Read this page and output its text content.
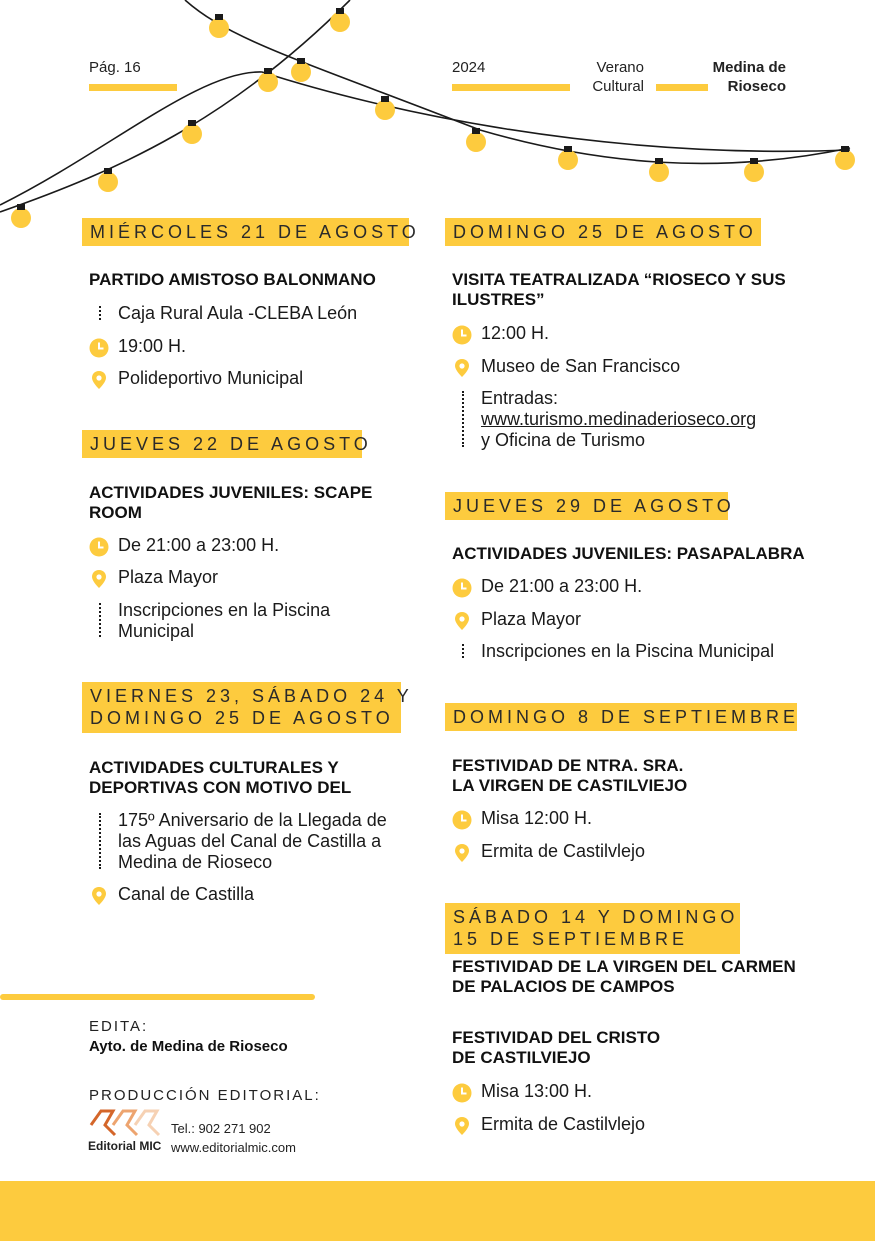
Pág. 16	2024	Verano
Cultural
Medina de
Rioseco
MIÉRCOLES 21 DE AGOSTO
PARTIDO AMISTOSO BALONMANO
Caja Rural Aula -CLEBA León
19:00 H.
Polideportivo Municipal
JUEVES 22 DE AGOSTO
ACTIVIDADES JUVENILES: SCAPE
ROOM
De 21:00 a 23:00 H.
Plaza Mayor
Inscripciones en la Piscina
Municipal
VIERNES 23, SÁBADO 24 Y
DOMINGO 25 DE AGOSTO
ACTIVIDADES CULTURALES Y
DEPORTIVAS CON MOTIVO DEL
175º Aniversario de la Llegada de
las Aguas del Canal de Castilla a
Medina de Rioseco
Canal de Castilla
DOMINGO 25 DE AGOSTO
VISITA TEATRALIZADA “RIOSECO Y SUS
ILUSTRES”
12:00 H.
Museo de San Francisco
Entradas:
www.turismo.medinaderioseco.org
y Oficina de Turismo
JUEVES 29 DE AGOSTO
ACTIVIDADES JUVENILES: PASAPALABRA
De 21:00 a 23:00 H.
Plaza Mayor
Inscripciones en la Piscina Municipal
DOMINGO 8 DE SEPTIEMBRE
FESTIVIDAD DE NTRA. SRA.
LA VIRGEN DE CASTILVIEJO
Misa 12:00 H.
Ermita de Castilvlejo
SÁBADO 14 Y DOMINGO
15 DE SEPTIEMBRE
FESTIVIDAD DE LA VIRGEN DEL CARMEN
DE PALACIOS DE CAMPOS
FESTIVIDAD DEL CRISTO
DE CASTILVIEJO
Misa 13:00 H.
Ermita de Castilvlejo
EDITA:
Ayto. de Medina de Rioseco
PRODUCCIÓN EDITORIAL:
Editorial MIC
Tel.: 902 271 902
www.editorialmic.com
